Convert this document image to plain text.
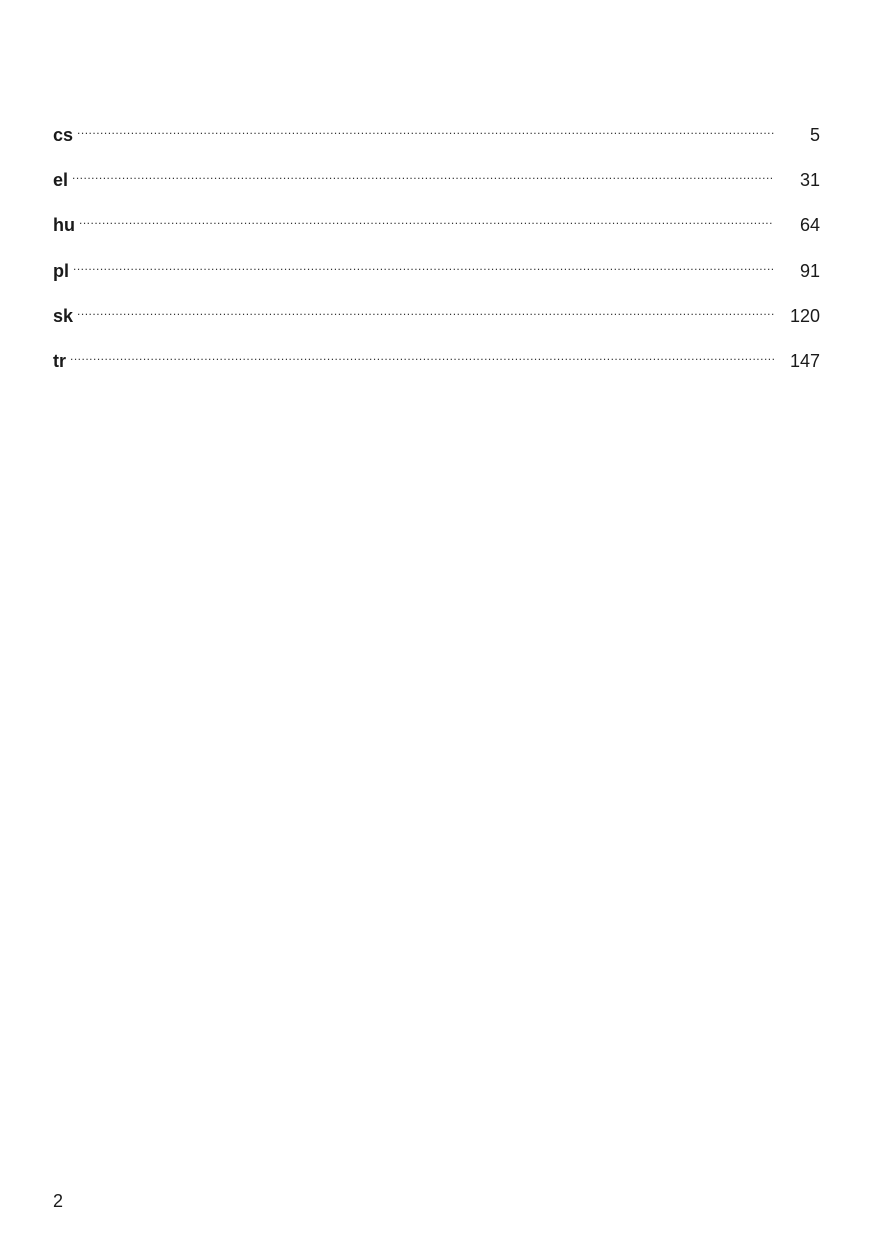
cs .....	5
el .....	31
hu .....	64
pl .....	91
sk .....	120
tr .....	147
2
